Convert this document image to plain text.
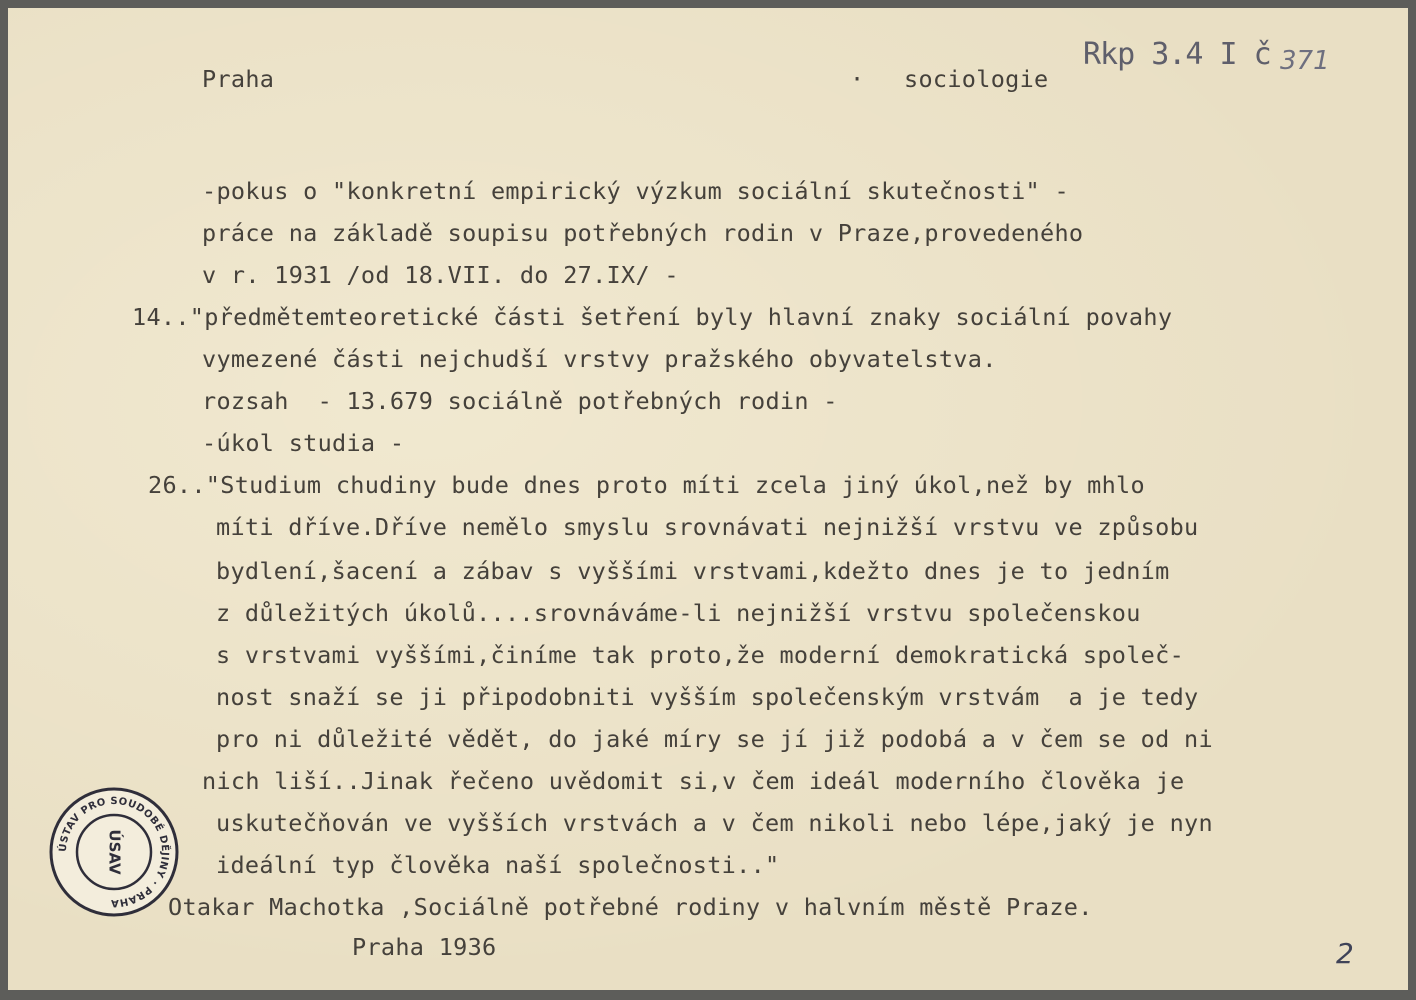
Praha	· sociologie
Rkp 3.4 I č 371
-pokus o "konkretní empirický výzkum sociální skutečnosti" -
práce na základě soupisu potřebných rodin v Praze,provedeného
v r. 1931 /od 18.VII. do 27.IX/ -
14.."předmětemteoretické části šetření byly hlavní znaky sociální povahy
vymezené části nejchudší vrstvy pražského obyvatelstva.
rozsah  - 13.679 sociálně potřebných rodin -
-úkol studia -
26.."Studium chudiny bude dnes proto míti zcela jiný úkol,než by mhlo
míti dříve.Dříve nemělo smyslu srovnávati nejnižší vrstvu ve způsobu
bydlení,šacení a zábav s vyššími vrstvami,kdežto dnes je to jedním
z důležitých úkolů....srovnáváme-li nejnižší vrstvu společenskou
s vrstvami vyššími,činíme tak proto,že moderní demokratická společ-
nost snaží se ji připodobniti vyšším společenským vrstvám  a je tedy
pro ni důležité vědět, do jaké míry se jí již podobá a v čem se od ni
nich liší..Jinak řečeno uvědomit si,v čem ideál moderního člověka je
uskutečňován ve vyšších vrstvách a v čem nikoli nebo lépe,jaký je nyn
ideální typ člověka naší společnosti.."
Otakar Machotka ,Sociálně potřebné rodiny v halvním městě Praze.
Praha 1936	2
ÚSTAV PRO SOUDOBÉ DĚJINY · PRAHA
ÚSAV
